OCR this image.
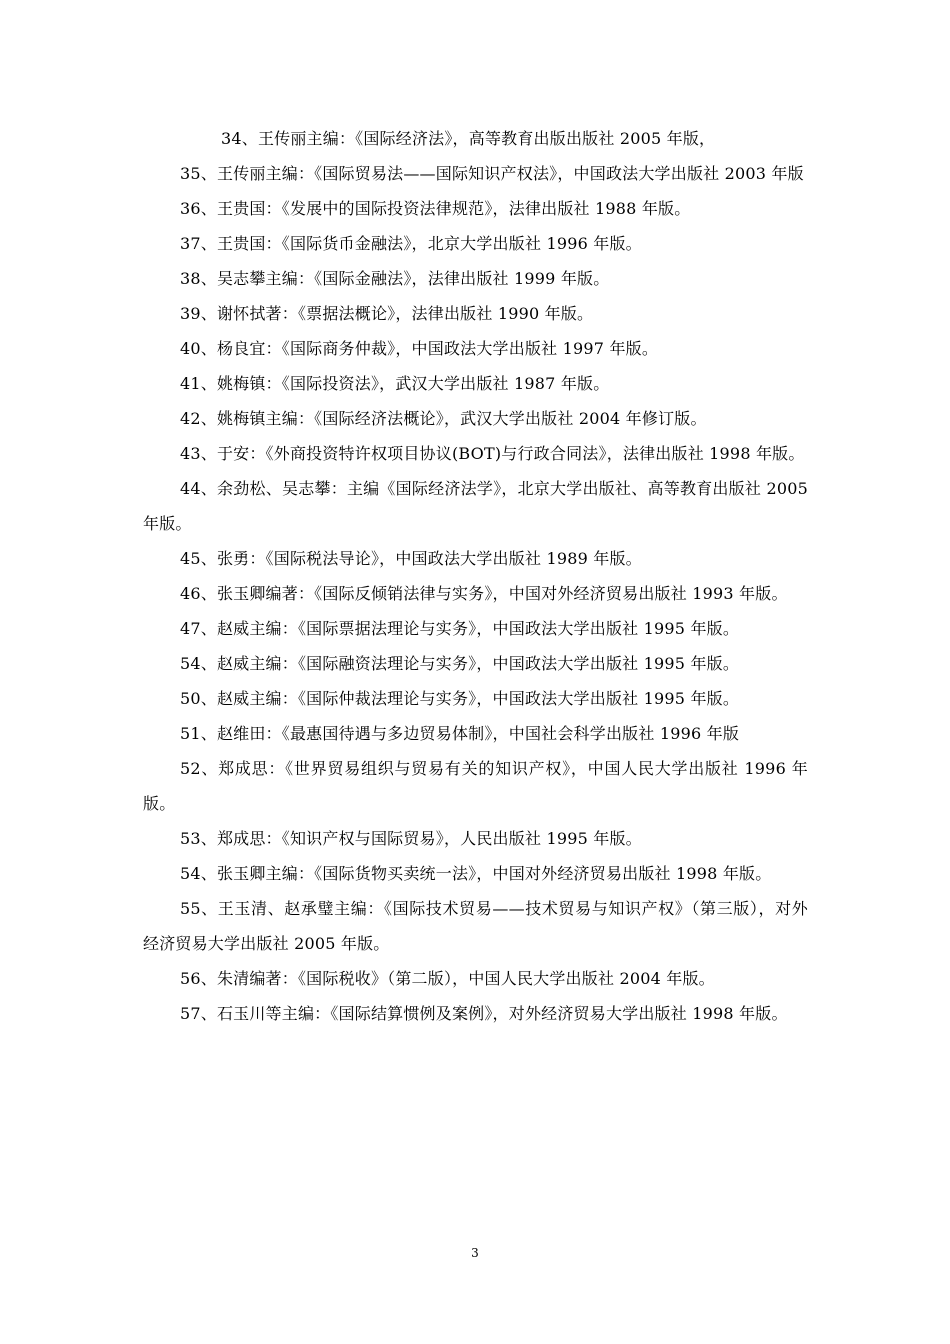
34、王传丽主编：《国际经济法》，高等教育出版出版社 2005 年版，

35、王传丽主编：《国际贸易法——国际知识产权法》，中国政法大学出版社 2003 年版

36、王贵国：《发展中的国际投资法律规范》，法律出版社 1988 年版。

37、王贵国：《国际货币金融法》，北京大学出版社 1996 年版。

38、吴志攀主编：《国际金融法》，法律出版社 1999 年版。

39、谢怀拭著：《票据法概论》，法律出版社 1990 年版。

40、杨良宜：《国际商务仲裁》，中国政法大学出版社 1997 年版。

41、姚梅镇：《国际投资法》，武汉大学出版社 1987 年版。

42、姚梅镇主编：《国际经济法概论》，武汉大学出版社 2004 年修订版。

43、于安：《外商投资特许权项目协议(BOT)与行政合同法》，法律出版社 1998 年版。

44、余劲松、吴志攀：主编《国际经济法学》，北京大学出版社、高等教育出版社 2005 年版。

45、张勇：《国际税法导论》，中国政法大学出版社 1989 年版。

46、张玉卿编著：《国际反倾销法律与实务》，中国对外经济贸易出版社 1993 年版。

47、赵威主编：《国际票据法理论与实务》，中国政法大学出版社 1995 年版。

54、赵威主编：《国际融资法理论与实务》，中国政法大学出版社 1995 年版。

50、赵威主编：《国际仲裁法理论与实务》，中国政法大学出版社 1995 年版。

51、赵维田：《最惠国待遇与多边贸易体制》，中国社会科学出版社 1996 年版

52、郑成思：《世界贸易组织与贸易有关的知识产权》，中国人民大学出版社 1996 年版。

53、郑成思：《知识产权与国际贸易》，人民出版社 1995 年版。

54、张玉卿主编：《国际货物买卖统一法》，中国对外经济贸易出版社 1998 年版。

55、王玉清、赵承璧主编：《国际技术贸易——技术贸易与知识产权》（第三版），对外经济贸易大学出版社 2005 年版。

56、朱清编著：《国际税收》（第二版），中国人民大学出版社 2004 年版。

57、石玉川等主编：《国际结算惯例及案例》，对外经济贸易大学出版社 1998 年版。

3
